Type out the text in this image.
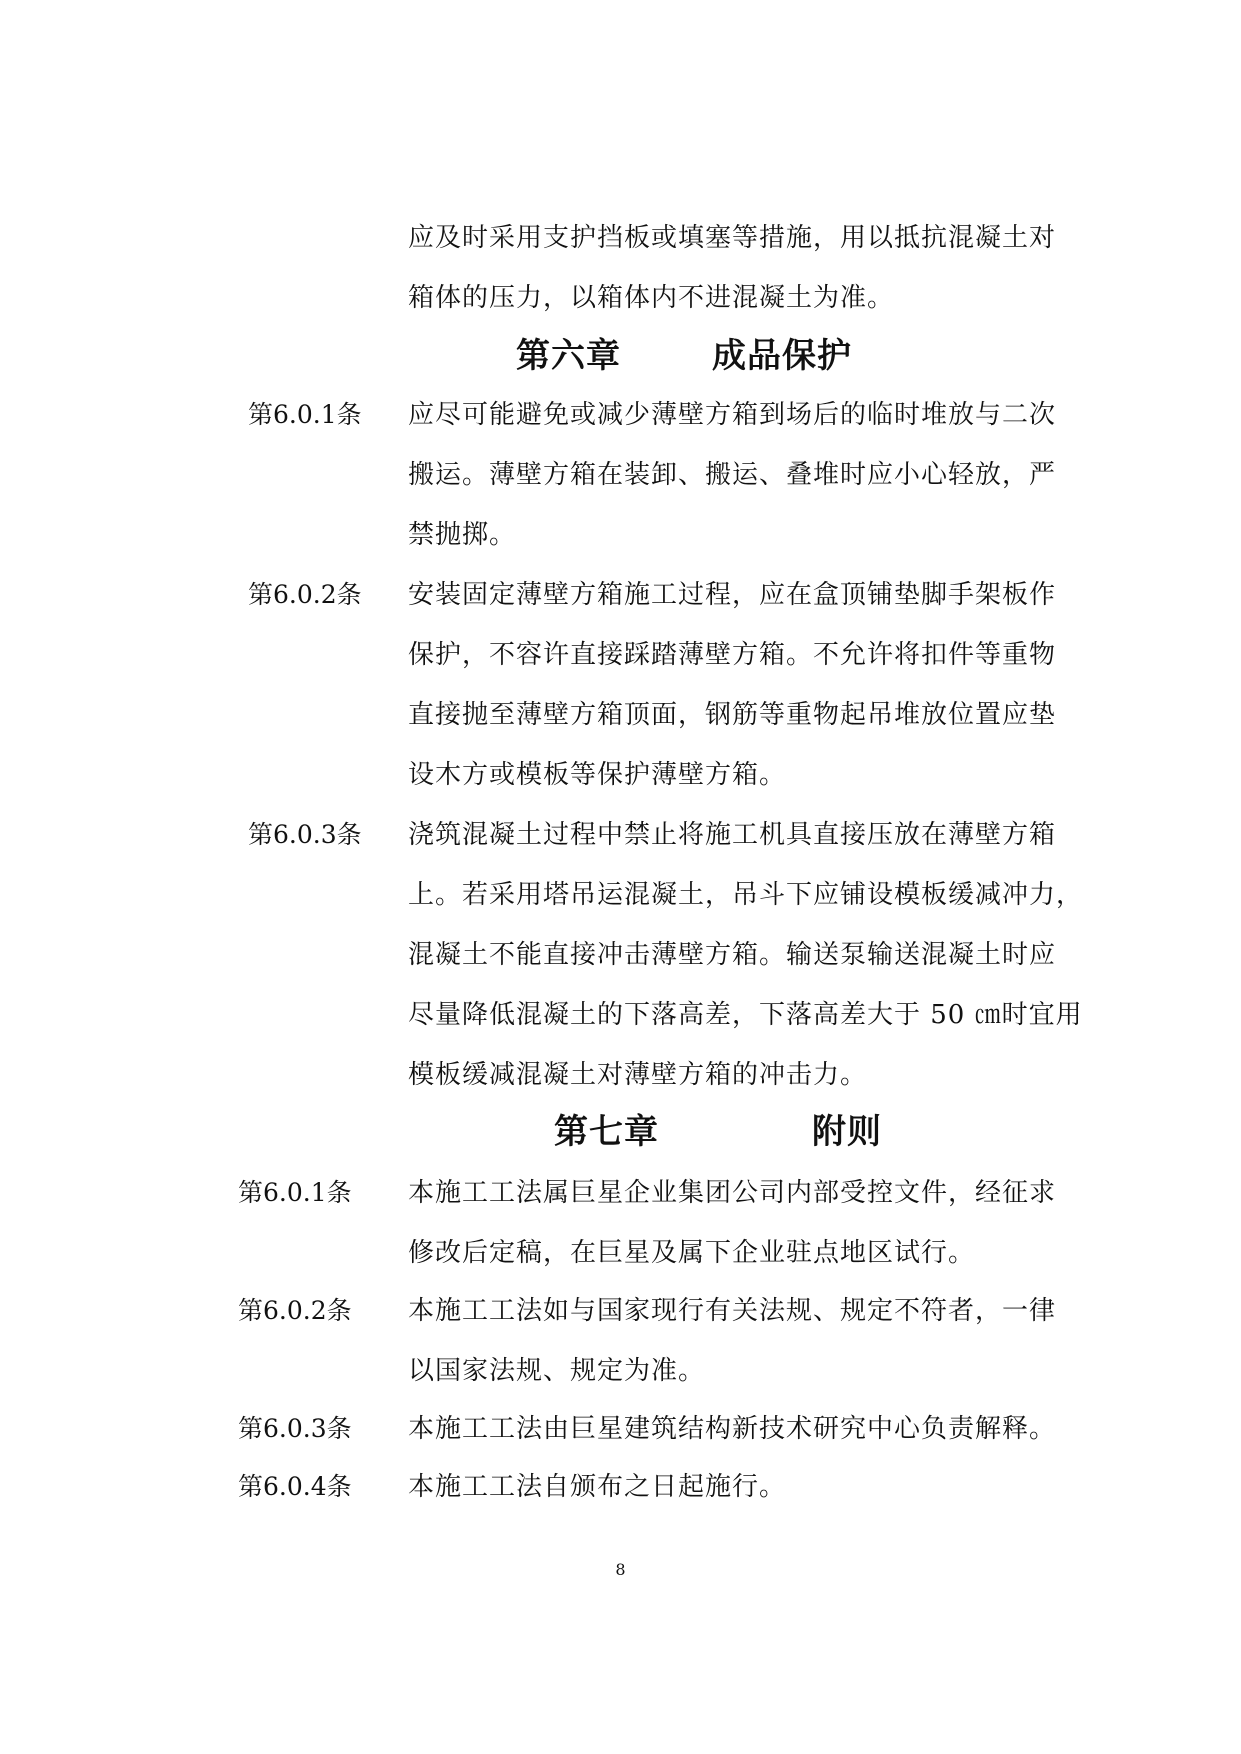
应及时采用支护挡板或填塞等措施，用以抵抗混凝土对
箱体的压力，以箱体内不进混凝土为准。
第六章	成品保护
第6.0.1条 应尽可能避免或减少薄壁方箱到场后的临时堆放与二次
搬运。薄壁方箱在装卸、搬运、叠堆时应小心轻放，严
禁抛掷。
第6.0.2条 安装固定薄壁方箱施工过程，应在盒顶铺垫脚手架板作
保护，不容许直接踩踏薄壁方箱。不允许将扣件等重物
直接抛至薄壁方箱顶面，钢筋等重物起吊堆放位置应垫
设木方或模板等保护薄壁方箱。
第6.0.3条 浇筑混凝土过程中禁止将施工机具直接压放在薄壁方箱
上。若采用塔吊运混凝土，吊斗下应铺设模板缓减冲力，
混凝土不能直接冲击薄壁方箱。输送泵输送混凝土时应
尽量降低混凝土的下落高差，下落高差大于 50 ㎝时宜用
模板缓减混凝土对薄壁方箱的冲击力。
第七章	附则
第6.0.1条 本施工工法属巨星企业集团公司内部受控文件，经征求
修改后定稿，在巨星及属下企业驻点地区试行。
第6.0.2条 本施工工法如与国家现行有关法规、规定不符者，一律
以国家法规、规定为准。
第6.0.3条 本施工工法由巨星建筑结构新技术研究中心负责解释。
第6.0.4条 本施工工法自颁布之日起施行。
8
